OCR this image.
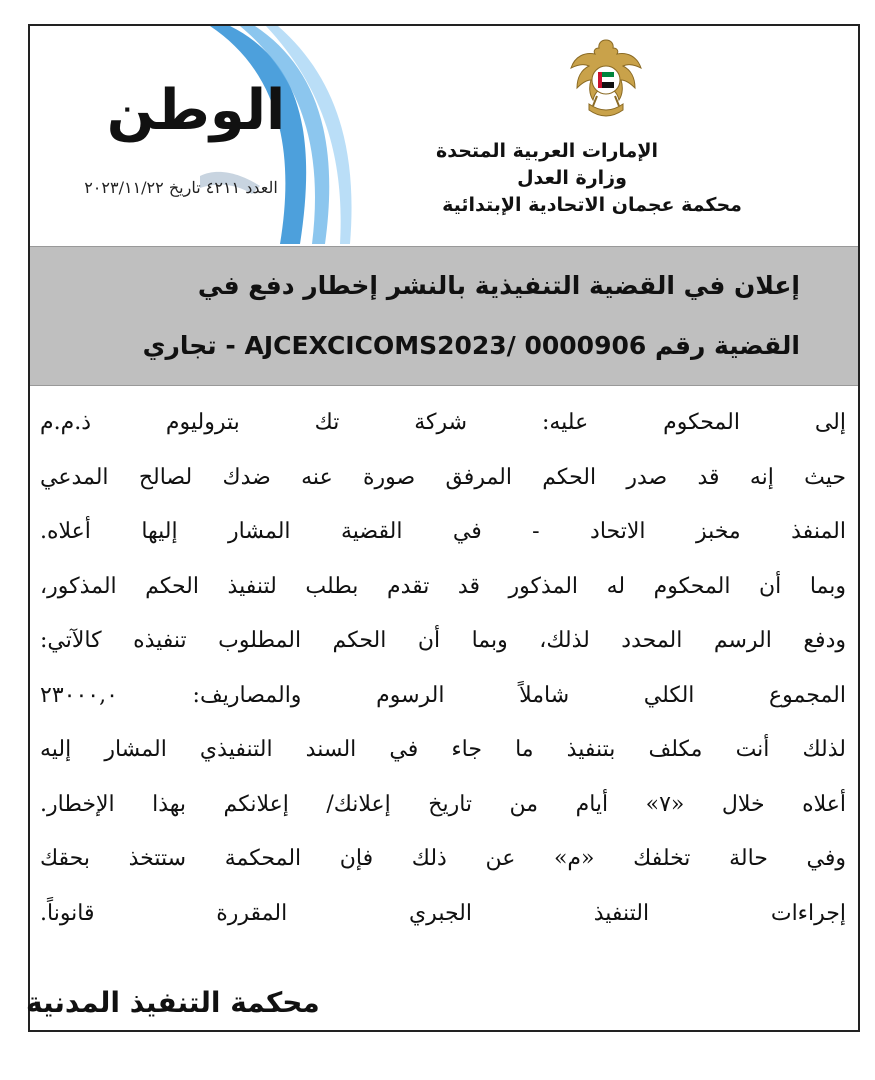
الإمارات العربية المتحدة
وزارة العدل
محكمة عجمان الاتحادية الإبتدائية
الوطن
العدد ٤٢١١ تاريخ ٢٠٢٣/١١/٢٢
إعلان في القضية التنفيذية بالنشر إخطار دفع في
القضية رقم 0000906 /AJCEXCICOMS2023 - تجاري
إلى المحكوم عليه: شركة تك بتروليوم ذ.م.م
حيث إنه قد صدر الحكم المرفق صورة عنه ضدك لصالح المدعي
المنفذ مخبز الاتحاد - في القضية المشار إليها أعلاه.
وبما أن المحكوم له المذكور قد تقدم بطلب لتنفيذ الحكم المذكور،
ودفع الرسم المحدد لذلك، وبما أن الحكم المطلوب تنفيذه كالآتي:
المجموع الكلي شاملاً الرسوم والمصاريف: ٢٣٠٠٠,٠
لذلك أنت مكلف بتنفيذ ما جاء في السند التنفيذي المشار إليه
أعلاه خلال «٧» أيام من تاريخ إعلانك/ إعلانكم بهذا الإخطار.
وفي حالة تخلفك «م» عن ذلك فإن المحكمة ستتخذ بحقك
إجراءات التنفيذ الجبري المقررة قانوناً.
محكمة التنفيذ المدنية
